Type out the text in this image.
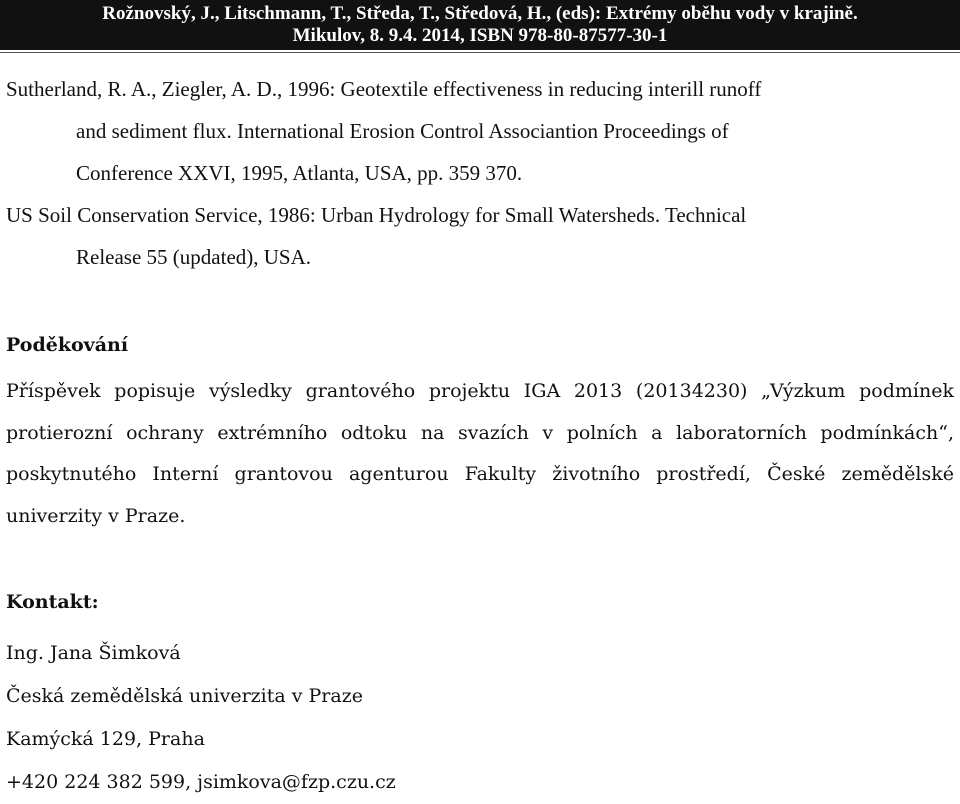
Rožnovský, J., Litschmann, T., Středa, T., Středová, H., (eds): Extrémy oběhu vody v krajině.
Mikulov, 8. 9.4. 2014, ISBN 978-80-87577-30-1

Sutherland, R. A., Ziegler, A. D., 1996: Geotextile effectiveness in reducing interill runoff
and sediment flux. International Erosion Control Associantion Proceedings of
Conference XXVI, 1995, Atlanta, USA, pp. 359 370.

US Soil Conservation Service, 1986: Urban Hydrology for Small Watersheds. Technical
Release 55 (updated), USA.

Poděkování
Příspěvek popisuje výsledky grantového projektu IGA 2013 (20134230) „Výzkum podmínek protierozní ochrany extrémního odtoku na svazích v polních a laboratorních podmínkách“, poskytnutého Interní grantovou agenturou Fakulty životního prostředí, České zemědělské univerzity v Praze.
Kontakt:
Ing. Jana Šimková
Česká zemědělská univerzita v Praze
Kamýcká 129, Praha
+420 224 382 599, jsimkova@fzp.czu.cz
